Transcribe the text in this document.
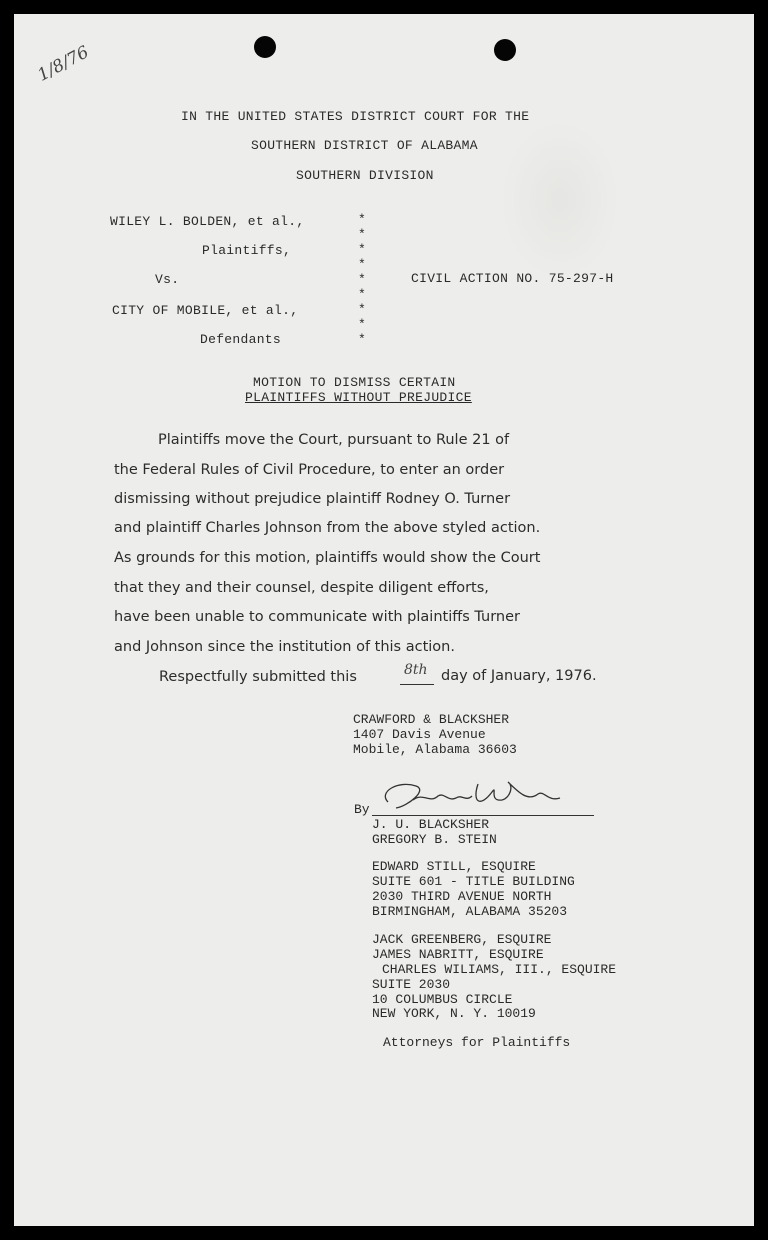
1/8/76
IN THE UNITED STATES DISTRICT COURT FOR THE
SOUTHERN DISTRICT OF ALABAMA
SOUTHERN DIVISION
WILEY L. BOLDEN, et al.,
Plaintiffs,
Vs.
CITY OF MOBILE, et al.,
Defendants
*
*
*
*
*
*
*
*
*
CIVIL ACTION NO. 75-297-H
MOTION TO DISMISS CERTAIN
PLAINTIFFS WITHOUT PREJUDICE
Plaintiffs move the Court, pursuant to Rule 21 of
the Federal Rules of Civil Procedure, to enter an order
dismissing without prejudice plaintiff Rodney O. Turner
and plaintiff Charles Johnson from the above styled action.
As grounds for this motion, plaintiffs would show the Court
that they and their counsel, despite diligent efforts,
have been unable to communicate with plaintiffs Turner
and Johnson since the institution of this action.
Respectfully submitted this	8th day of January, 1976.
CRAWFORD & BLACKSHER
1407 Davis Avenue
Mobile, Alabama 36603
By
J. U. BLACKSHER
GREGORY B. STEIN
EDWARD STILL, ESQUIRE
SUITE 601 - TITLE BUILDING
2030 THIRD AVENUE NORTH
BIRMINGHAM, ALABAMA 35203
JACK GREENBERG, ESQUIRE
JAMES NABRITT, ESQUIRE
CHARLES WILIAMS, III., ESQUIRE
SUITE 2030
10 COLUMBUS CIRCLE
NEW YORK, N. Y. 10019
Attorneys for Plaintiffs
